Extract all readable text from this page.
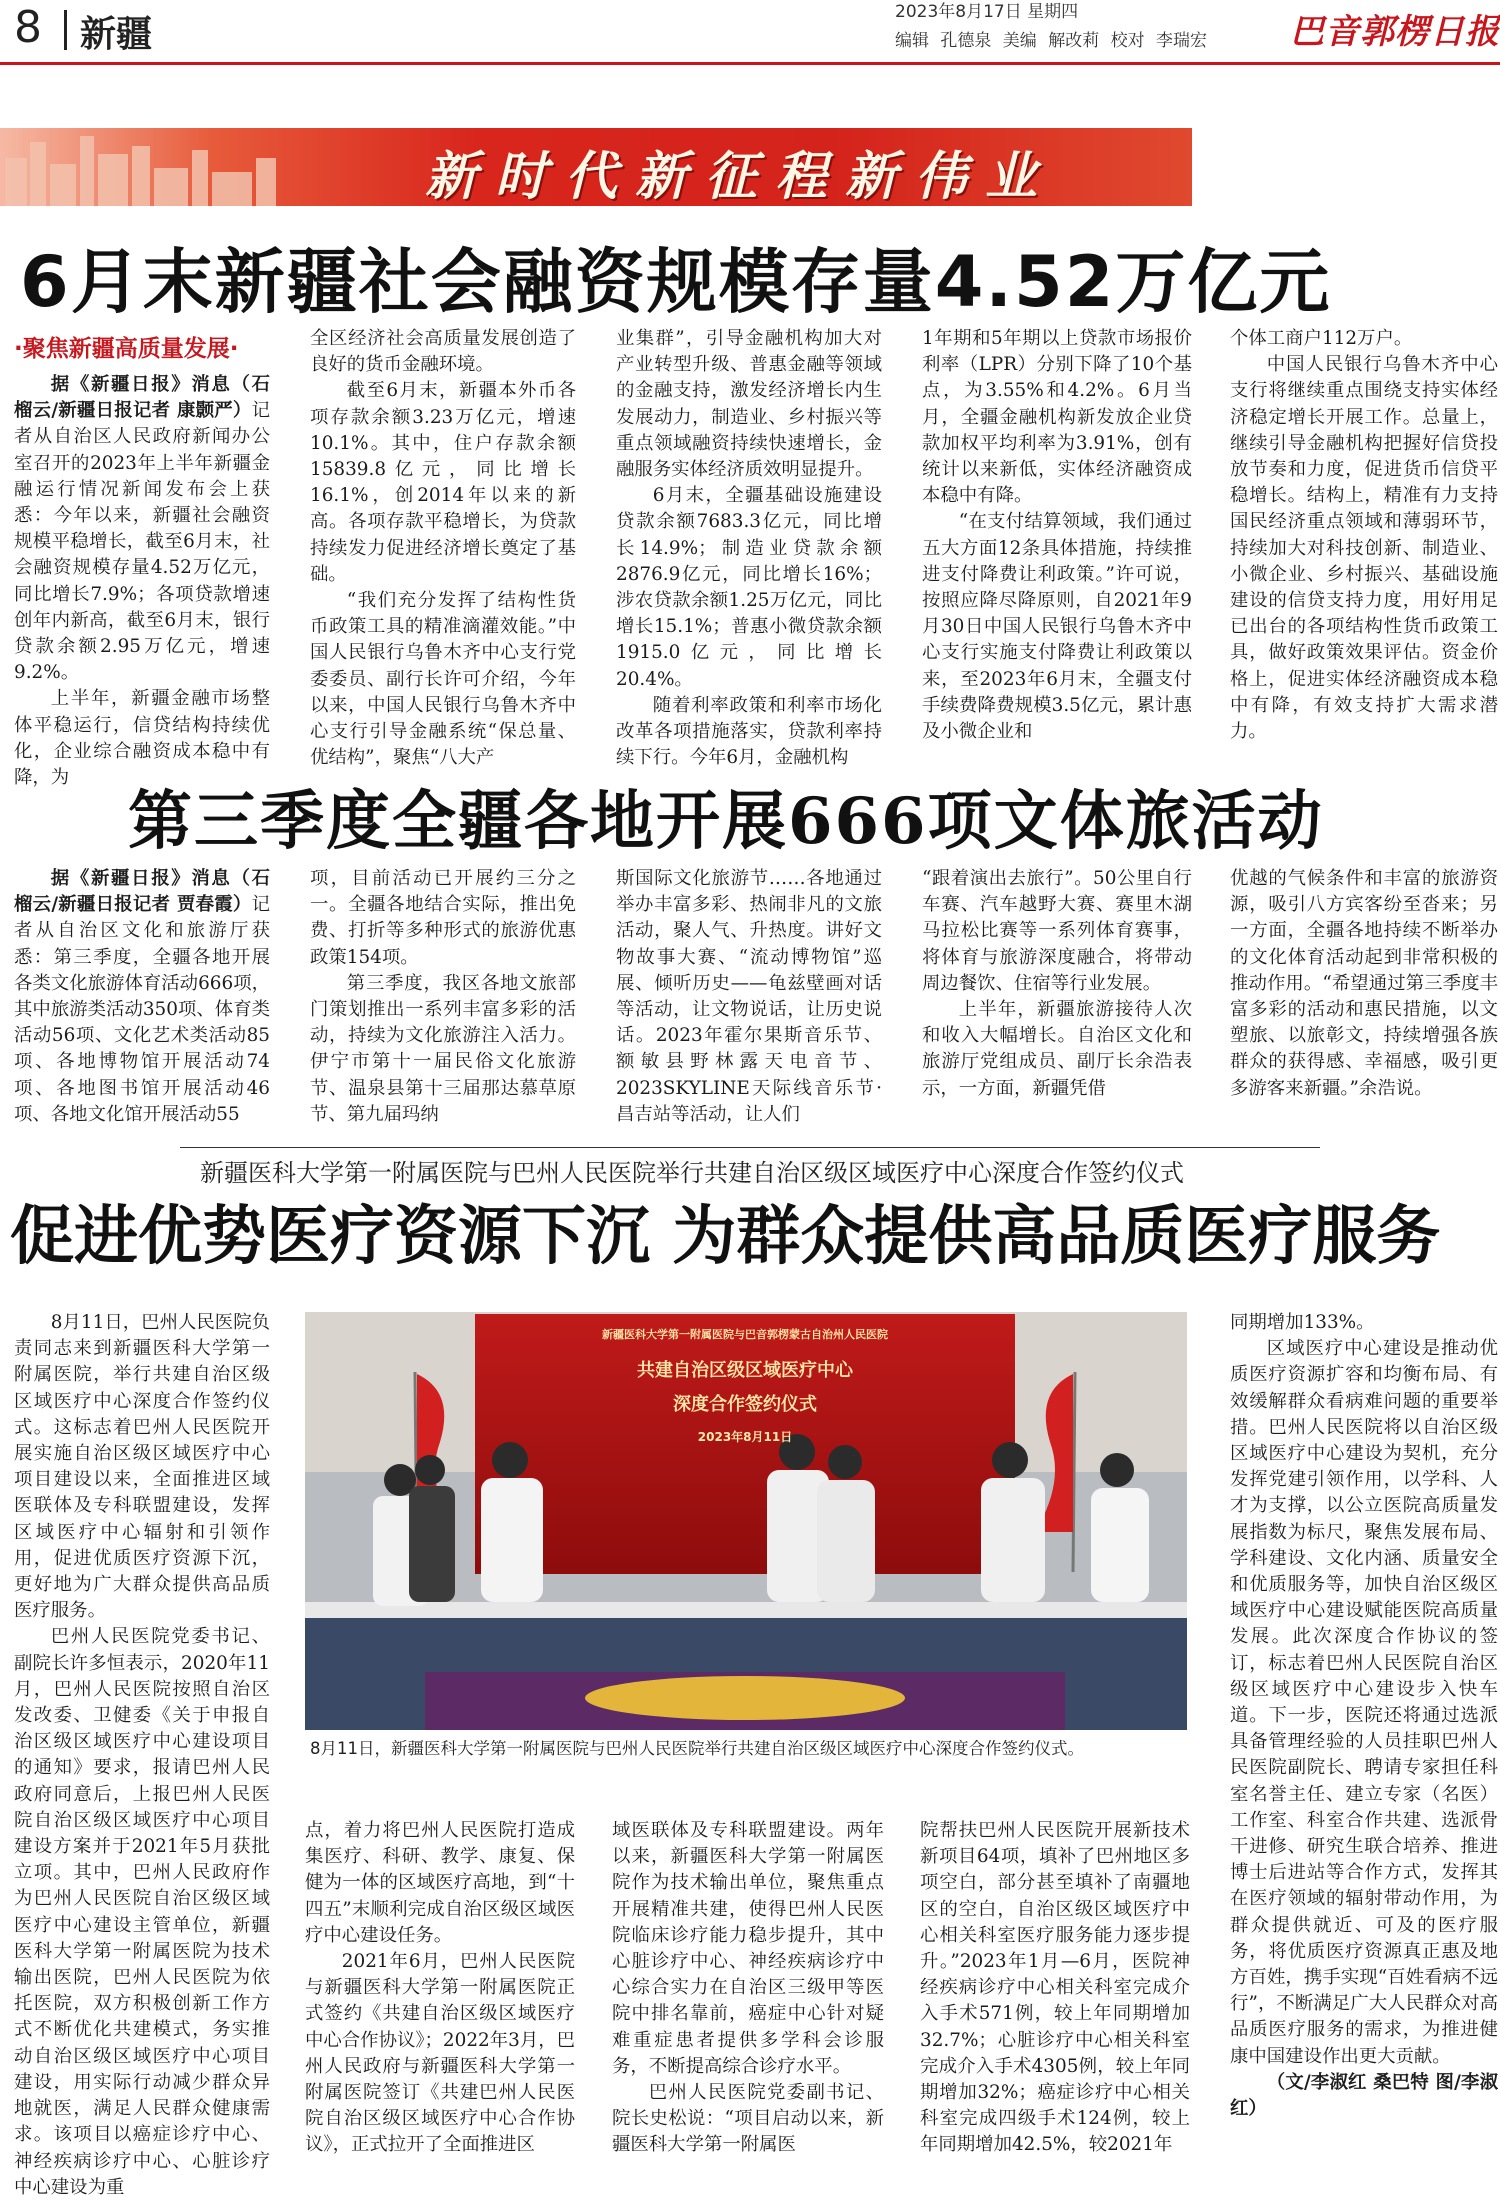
8 新疆
2023年8月17日 星期四
编辑 孔德泉 美编 解改莉 校对 李瑞宏 巴音郭楞日报
新时代新征程新伟业
6月末新疆社会融资规模存量4.52万亿元
·聚焦新疆高质量发展·

据《新疆日报》消息（石榴云/新疆日报记者 康颢严）记者从自治区人民政府新闻办公室召开的2023年上半年新疆金融运行情况新闻发布会上获悉：今年以来，新疆社会融资规模平稳增长，截至6月末，社会融资规模存量4.52万亿元，同比增长7.9%；各项贷款增速创年内新高，截至6月末，银行贷款余额2.95万亿元，增速9.2%。

上半年，新疆金融市场整体平稳运行，信贷结构持续优化，企业综合融资成本稳中有降，为

全区经济社会高质量发展创造了良好的货币金融环境。

截至6月末，新疆本外币各项存款余额3.23万亿元，增速10.1%。其中，住户存款余额15839.8亿元，同比增长16.1%，创2014年以来的新高。各项存款平稳增长，为贷款持续发力促进经济增长奠定了基础。

“我们充分发挥了结构性货币政策工具的精准滴灌效能。”中国人民银行乌鲁木齐中心支行党委委员、副行长许可介绍，今年以来，中国人民银行乌鲁木齐中心支行引导金融系统“保总量、优结构”，聚焦“八大产

业集群”，引导金融机构加大对产业转型升级、普惠金融等领域的金融支持，激发经济增长内生发展动力，制造业、乡村振兴等重点领域融资持续快速增长，金融服务实体经济质效明显提升。

6月末，全疆基础设施建设贷款余额7683.3亿元，同比增长14.9%；制造业贷款余额2876.9亿元，同比增长16%；涉农贷款余额1.25万亿元，同比增长15.1%；普惠小微贷款余额1915.0亿元，同比增长20.4%。

随着利率政策和利率市场化改革各项措施落实，贷款利率持续下行。今年6月，金融机构

1年期和5年期以上贷款市场报价利率（LPR）分别下降了10个基点，为3.55%和4.2%。6月当月，全疆金融机构新发放企业贷款加权平均利率为3.91%，创有统计以来新低，实体经济融资成本稳中有降。

“在支付结算领域，我们通过五大方面12条具体措施，持续推进支付降费让利政策。”许可说，按照应降尽降原则，自2021年9月30日中国人民银行乌鲁木齐中心支行实施支付降费让利政策以来，至2023年6月末，全疆支付手续费降费规模3.5亿元，累计惠及小微企业和

个体工商户112万户。

中国人民银行乌鲁木齐中心支行将继续重点围绕支持实体经济稳定增长开展工作。总量上，继续引导金融机构把握好信贷投放节奏和力度，促进货币信贷平稳增长。结构上，精准有力支持国民经济重点领域和薄弱环节，持续加大对科技创新、制造业、小微企业、乡村振兴、基础设施建设的信贷支持力度，用好用足已出台的各项结构性货币政策工具，做好政策效果评估。资金价格上，促进实体经济融资成本稳中有降，有效支持扩大需求潜力。

第三季度全疆各地开展666项文体旅活动

据《新疆日报》消息（石榴云/新疆日报记者 贾春霞）记者从自治区文化和旅游厅获悉：第三季度，全疆各地开展各类文化旅游体育活动666项，其中旅游类活动350项、体育类活动56项、文化艺术类活动85项、各地博物馆开展活动74项、各地图书馆开展活动46项、各地文化馆开展活动55

项，目前活动已开展约三分之一。全疆各地结合实际，推出免费、打折等多种形式的旅游优惠政策154项。

第三季度，我区各地文旅部门策划推出一系列丰富多彩的活动，持续为文化旅游注入活力。伊宁市第十一届民俗文化旅游节、温泉县第十三届那达慕草原节、第九届玛纳

斯国际文化旅游节……各地通过举办丰富多彩、热闹非凡的文旅活动，聚人气、升热度。讲好文物故事大赛、“流动博物馆”巡展、倾听历史——龟兹壁画对话等活动，让文物说话，让历史说话。2023年霍尔果斯音乐节、额敏县野林露天电音节、2023SKYLINE天际线音乐节·昌吉站等活动，让人们

“跟着演出去旅行”。50公里自行车赛、汽车越野大赛、赛里木湖马拉松比赛等一系列体育赛事，将体育与旅游深度融合，将带动周边餐饮、住宿等行业发展。

上半年，新疆旅游接待人次和收入大幅增长。自治区文化和旅游厅党组成员、副厅长余浩表示，一方面，新疆凭借

优越的气候条件和丰富的旅游资源，吸引八方宾客纷至沓来；另一方面，全疆各地持续不断举办的文化体育活动起到非常积极的推动作用。“希望通过第三季度丰富多彩的活动和惠民措施，以文塑旅、以旅彰文，持续增强各族群众的获得感、幸福感，吸引更多游客来新疆。”余浩说。

新疆医科大学第一附属医院与巴州人民医院举行共建自治区级区域医疗中心深度合作签约仪式
促进优势医疗资源下沉 为群众提供高品质医疗服务

8月11日，巴州人民医院负责同志来到新疆医科大学第一附属医院，举行共建自治区级区域医疗中心深度合作签约仪式。这标志着巴州人民医院开展实施自治区级区域医疗中心项目建设以来，全面推进区域医联体及专科联盟建设，发挥区域医疗中心辐射和引领作用，促进优质医疗资源下沉，更好地为广大群众提供高品质医疗服务。

巴州人民医院党委书记、副院长许多恒表示，2020年11月，巴州人民医院按照自治区发改委、卫健委《关于申报自治区级区域医疗中心建设项目的通知》要求，报请巴州人民政府同意后，上报巴州人民医院自治区级区域医疗中心项目建设方案并于2021年5月获批立项。其中，巴州人民政府作为巴州人民医院自治区级区域医疗中心建设主管单位，新疆医科大学第一附属医院为技术输出医院，巴州人民医院为依托医院，双方积极创新工作方式不断优化共建模式，务实推动自治区级区域医疗中心项目建设，用实际行动减少群众异地就医，满足人民群众健康需求。该项目以癌症诊疗中心、神经疾病诊疗中心、心脏诊疗中心建设为重

新疆医科大学第一附属医院与巴音郭楞蒙古自治州人民医院
共建自治区级区域医疗中心
深度合作签约仪式
2023年8月11日
8月11日，新疆医科大学第一附属医院与巴州人民医院举行共建自治区级区域医疗中心深度合作签约仪式。

点，着力将巴州人民医院打造成集医疗、科研、教学、康复、保健为一体的区域医疗高地，到“十四五”末顺利完成自治区级区域医疗中心建设任务。

2021年6月，巴州人民医院与新疆医科大学第一附属医院正式签约《共建自治区级区域医疗中心合作协议》；2022年3月，巴州人民政府与新疆医科大学第一附属医院签订《共建巴州人民医院自治区级区域医疗中心合作协议》，正式拉开了全面推进区

域医联体及专科联盟建设。两年以来，新疆医科大学第一附属医院作为技术输出单位，聚焦重点开展精准共建，使得巴州人民医院临床诊疗能力稳步提升，其中心脏诊疗中心、神经疾病诊疗中心综合实力在自治区三级甲等医院中排名靠前，癌症中心针对疑难重症患者提供多学科会诊服务，不断提高综合诊疗水平。

巴州人民医院党委副书记、院长史松说：“项目启动以来，新疆医科大学第一附属医

院帮扶巴州人民医院开展新技术新项目64项，填补了巴州地区多项空白，部分甚至填补了南疆地区的空白，自治区级区域医疗中心相关科室医疗服务能力逐步提升。”2023年1月—6月，医院神经疾病诊疗中心相关科室完成介入手术571例，较上年同期增加32.7%；心脏诊疗中心相关科室完成介入手术4305例，较上年同期增加32%；癌症诊疗中心相关科室完成四级手术124例，较上年同期增加42.5%，较2021年

同期增加133%。

区域医疗中心建设是推动优质医疗资源扩容和均衡布局、有效缓解群众看病难问题的重要举措。巴州人民医院将以自治区级区域医疗中心建设为契机，充分发挥党建引领作用，以学科、人才为支撑，以公立医院高质量发展指数为标尺，聚焦发展布局、学科建设、文化内涵、质量安全和优质服务等，加快自治区级区域医疗中心建设赋能医院高质量发展。此次深度合作协议的签订，标志着巴州人民医院自治区级区域医疗中心建设步入快车道。下一步，医院还将通过选派具备管理经验的人员挂职巴州人民医院副院长、聘请专家担任科室名誉主任、建立专家（名医）工作室、科室合作共建、选派骨干进修、研究生联合培养、推进博士后进站等合作方式，发挥其在医疗领域的辐射带动作用，为群众提供就近、可及的医疗服务，将优质医疗资源真正惠及地方百姓，携手实现“百姓看病不远行”，不断满足广大人民群众对高品质医疗服务的需求，为推进健康中国建设作出更大贡献。

（文/李淑红 桑巴特 图/李淑红）
